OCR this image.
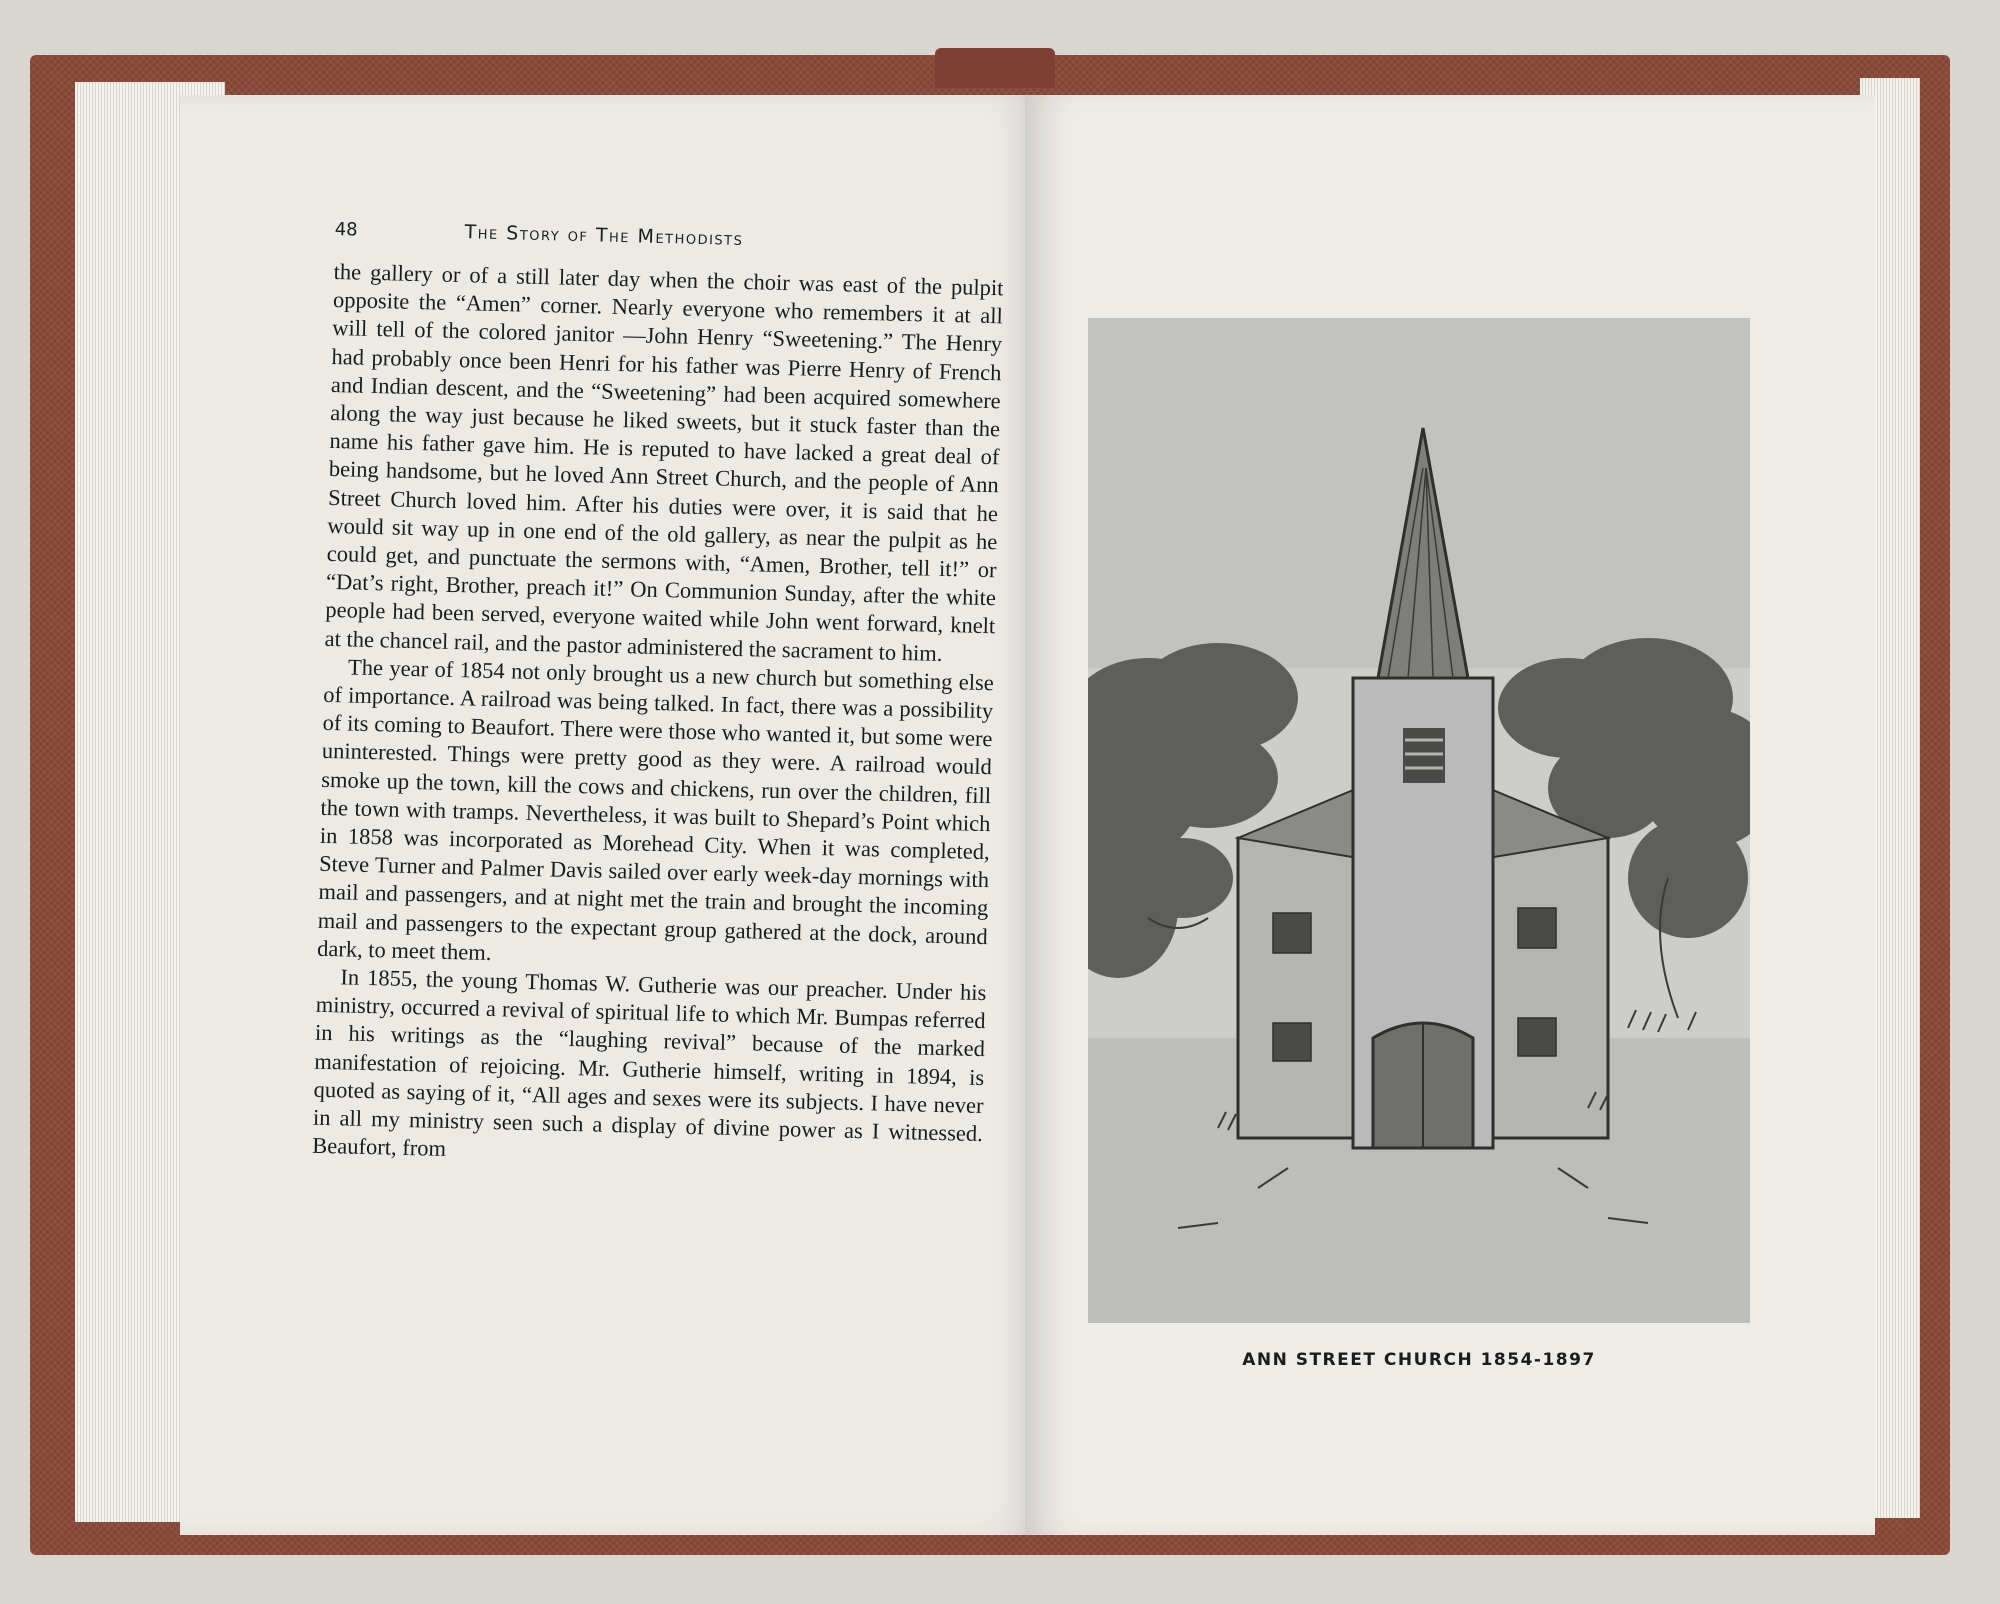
48	The Story of The Methodists

the gallery or of a still later day when the choir was east of the pulpit opposite the “Amen” corner. Nearly everyone who remembers it at all will tell of the colored janitor —John Henry “Sweetening.” The Henry had probably once been Henri for his father was Pierre Henry of French and Indian descent, and the “Sweetening” had been acquired somewhere along the way just because he liked sweets, but it stuck faster than the name his father gave him. He is reputed to have lacked a great deal of being handsome, but he loved Ann Street Church, and the people of Ann Street Church loved him. After his duties were over, it is said that he would sit way up in one end of the old gallery, as near the pulpit as he could get, and punctuate the sermons with, “Amen, Brother, tell it!” or “Dat’s right, Brother, preach it!” On Communion Sunday, after the white people had been served, everyone waited while John went forward, knelt at the chancel rail, and the pastor administered the sacrament to him.

The year of 1854 not only brought us a new church but something else of importance. A railroad was being talked. In fact, there was a possibility of its coming to Beaufort. There were those who wanted it, but some were uninterested. Things were pretty good as they were. A railroad would smoke up the town, kill the cows and chickens, run over the children, fill the town with tramps. Nevertheless, it was built to Shepard’s Point which in 1858 was incorporated as Morehead City. When it was completed, Steve Turner and Palmer Davis sailed over early week-day mornings with mail and passengers, and at night met the train and brought the incoming mail and passengers to the expectant group gathered at the dock, around dark, to meet them.

In 1855, the young Thomas W. Gutherie was our preacher. Under his ministry, occurred a revival of spiritual life to which Mr. Bumpas referred in his writings as the “laughing revival” because of the marked manifestation of rejoicing. Mr. Gutherie himself, writing in 1894, is quoted as saying of it, “All ages and sexes were its subjects. I have never in all my ministry seen such a display of divine power as I witnessed. Beaufort, from

ANN STREET CHURCH 1854-1897
